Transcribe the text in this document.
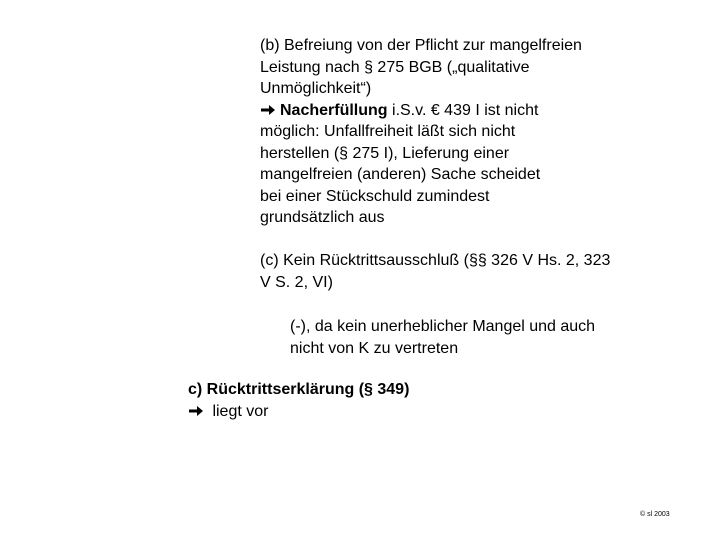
(b) Befreiung von der Pflicht zur mangelfreien

Leistung nach § 275 BGB („qualitative

Unmöglichkeit“)

Nacherfüllung i.S.v. € 439 I ist nicht

möglich: Unfallfreiheit läßt sich nicht

herstellen (§ 275 I), Lieferung einer

mangelfreien (anderen) Sache scheidet

bei einer Stückschuld zumindest

grundsätzlich aus

(c) Kein Rücktrittsausschluß (§§ 326 V Hs. 2, 323

V S. 2, VI)

(-), da kein unerheblicher Mangel und auch

nicht von K zu vertreten

c) Rücktrittserklärung (§ 349)

liegt vor

© sl 2003
